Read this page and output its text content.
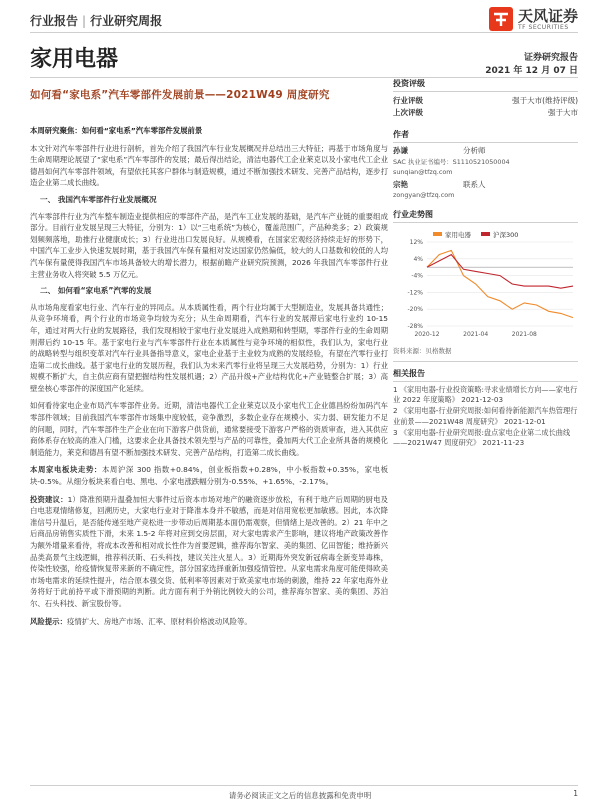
行业报告 | 行业研究周报	天风证券
TF SECURITIES
家用电器	证券研究报告
2021 年 12 月 07 日
如何看“家电系”汽车零部件发展前景——2021W49 周度研究

本周研究聚焦：如何看“家电系”汽车零部件发展前景

本文针对汽车零部件行业进行剖析，首先介绍了我国汽车行业发展概况并总结出三大特征；再基于市场角度与生命周期理论展望了“家电系”汽车零部件的发展；最后得出结论，清洁电器代工企业莱克以及小家电代工企业德昌如何汽车零部件领域，有望依托其客户群体与制造规模，通过不断加强技术研发、完善产品结构，逐步打造企业第二成长曲线。

一、 我国汽车零部件行业发展概况

汽车零部件行业为汽车整车制造业提供相应的零部件产品，是汽车工业发展的基础，是汽车产业链的重要组成部分。目前行业发展呈现三大特征，分别为：1）以“三电系统”为核心，覆盖范围广，产品种类多；2）政策规划频频落地，助推行业健康成长；3）行业进出口发展良好。从规模看，在国家宏观经济持续走好的形势下，中国汽车工业步入快速发展时期，基于我国汽车保有量相对发达国家仍然偏低，较大的人口基数和较低的人均汽车保有量使得我国汽车市场具备较大的增长潜力，根据前瞻产业研究院预测，2026 年我国汽车零部件行业主营业务收入将突破 5.5 万亿元。

二、 如何看“家电系”汽零的发展

从市场角度看家电行业、汽车行业的异同点。从本质属性看，两个行业均属于大型制造业，发展具备共通性；从竞争环境看，两个行业的市场竞争均较为充分；从生命周期看，汽车行业的发展滞后家电行业约 10-15 年，通过对两大行业的发展路径，我们发现相较于家电行业发展进入成熟期和转型期，零部件行业的生命周期则滞后约 10-15 年。基于家电行业与汽车零部件行业在本质属性与竞争环境的相似性，我们认为，家电行业的战略转型与组织变革对汽车行业具备指导意义，家电企业基于主业较为成熟的发展经验，有望在汽零行业打造第二成长曲线。基于家电行业的发展历程，我们认为未来汽零行业将呈现三大发展趋势，分别为：1）行业规模不断扩大，自主供应商有望把握结构性发展机遇；2）产品升级+产业结构优化+产业链整合扩展；3）高壁垒核心零部件的深度国产化延续。

如何看待家电企业布局汽车零部件业务。近期，清洁电器代工企业莱克以及小家电代工企业德昌纷纷加码汽车零部件领域；目前我国汽车零部件市场集中度较低，竞争激烈，多数企业存在规模小、实力弱、研发能力不足的问题，同时，汽车零部件生产企业在向下游客户供货前，通常要接受下游客户严格的资质审查，进入其供应商体系存在较高的准入门槛，这要求企业具备技术领先型与产品的可靠性，叠加两大代工企业所具备的规模化制造能力，莱克和德昌有望不断加强技术研发、完善产品结构，打造第二成长曲线。

本周家电板块走势：本周沪深 300 指数+0.84%，创业板指数+0.28%，中小板指数+0.35%，家电板块-0.5%。从细分板块来看白电、黑电、小家电涨跌幅分别为-0.55%、+1.65%、-2.17%。

投资建议：1）降准预期升温叠加恒大事件过后资本市场对地产的融资逐步放松，有利于地产后周期的厨电及白电悲观情绪修复，回溯历史，大家电行业对于降准本身并不敏感，而是对信用宽松更加敏感。因此，本次降准信号升温后，是否能传递至地产竞松进一步带动后周期基本面仍需观察，但情绪上是改善的。2）21 年中之后商品房销售实质性下滑，未来 1.5-2 年将对应到交房层面，对大家电需求产生影响，建议将地产政策改善作为额外增量来看待，将成本改善和相对成长性作为首要逻辑，推荐海尔智家、美的集团、亿田智能；维持新兴品类高景气主线逻辑，推荐科沃斯、石头科技，建议关注火星人。3）近期海外突发新冠病毒全新变异毒株，传染性较强，给疫情恢复带来新的不确定性，部分国家选择重新加强疫情管控。从家电需求角度可能使得欧美市场电需求的延续性提升，结合原本强交货、低利率等因素对于欧美家电市场的刺激，维持 22 年家电海外业务将好于此前持平或下滑预期的判断。此方面有利于外销比例较大的公司，推荐海尔智家、美的集团、苏泊尔、石头科技、新宝股份等。

风险提示：疫情扩大、房地产市场、汇率、原材料价格波动风险等。

投资评级
行业评级	强于大市(维持评级)
上次评级	强于大市
作者
孙谦	分析师
SAC 执业证书编号：S1110521050004
sunqian@tfzq.com
宗艳	联系人
zongyan@tfzq.com
行业走势图
家用电器	沪深300
12%
4%
-4%
-12%
-20%
-28%
2020-12	2021-04	2021-08
资料来源：贝格数据
相关报告

1 《家用电器-行业投资策略:寻求业绩增长方向——家电行业 2022 年度策略》 2021-12-03

2 《家用电器-行业研究周报:如何看待新能源汽车热管理行业前景——2021W48 周度研究》 2021-12-01

3 《家用电器-行业研究周报:盘点家电企业第二成长曲线——2021W47 周度研究》 2021-11-23

请务必阅读正文之后的信息披露和免责申明	1
